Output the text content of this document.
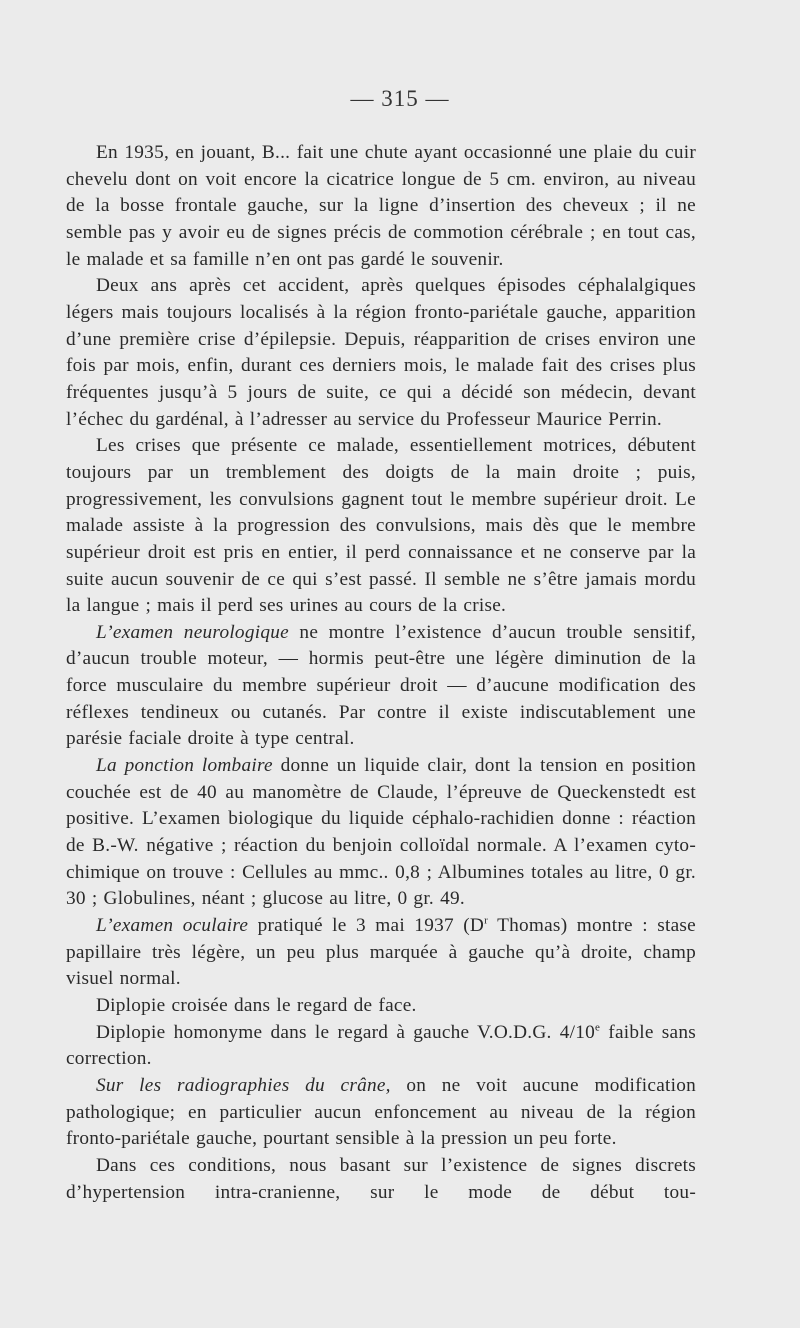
— 315 —

En 1935, en jouant, B... fait une chute ayant occasionné une plaie du cuir chevelu dont on voit encore la cicatrice longue de 5 cm. environ, au niveau de la bosse frontale gauche, sur la ligne d’insertion des cheveux ; il ne semble pas y avoir eu de signes précis de commotion cérébrale ; en tout cas, le malade et sa famille n’en ont pas gardé le souvenir.

Deux ans après cet accident, après quelques épisodes céphalalgiques légers mais toujours localisés à la région fronto-pariétale gauche, apparition d’une première crise d’épilepsie. Depuis, réapparition de crises environ une fois par mois, enfin, durant ces derniers mois, le malade fait des crises plus fréquentes jusqu’à 5 jours de suite, ce qui a décidé son médecin, devant l’échec du gardénal, à l’adresser au service du Professeur Maurice Perrin.

Les crises que présente ce malade, essentiellement motrices, débutent toujours par un tremblement des doigts de la main droite ; puis, progressivement, les convulsions gagnent tout le membre supérieur droit. Le malade assiste à la progression des convulsions, mais dès que le membre supérieur droit est pris en entier, il perd connaissance et ne conserve par la suite aucun souvenir de ce qui s’est passé. Il semble ne s’être jamais mordu la langue ; mais il perd ses urines au cours de la crise.

L’examen neurologique ne montre l’existence d’aucun trouble sensitif, d’aucun trouble moteur, — hormis peut-être une légère diminution de la force musculaire du membre supérieur droit — d’aucune modification des réflexes tendineux ou cutanés. Par contre il existe indiscutablement une parésie faciale droite à type central.

La ponction lombaire donne un liquide clair, dont la tension en position couchée est de 40 au manomètre de Claude, l’épreuve de Queckenstedt est positive. L’examen biologique du liquide céphalo-rachidien donne : réaction de B.-W. négative ; réaction du benjoin colloïdal normale. A l’examen cyto-chimique on trouve : Cellules au mmc.. 0,8 ; Albumines totales au litre, 0 gr. 30 ; Globulines, néant ; glucose au litre, 0 gr. 49.

L’examen oculaire pratiqué le 3 mai 1937 ($D^r$ Thomas) montre : stase papillaire très légère, un peu plus marquée à gauche qu’à droite, champ visuel normal.

Diplopie croisée dans le regard de face.

Diplopie homonyme dans le regard à gauche V.O.D.G. 4/10e faible sans correction.

Sur les radiographies du crâne, on ne voit aucune modification pathologique; en particulier aucun enfoncement au niveau de la région fronto-pariétale gauche, pourtant sensible à la pression un peu forte.

Dans ces conditions, nous basant sur l’existence de signes discrets d’hypertension intra-cranienne, sur le mode de début tou-
